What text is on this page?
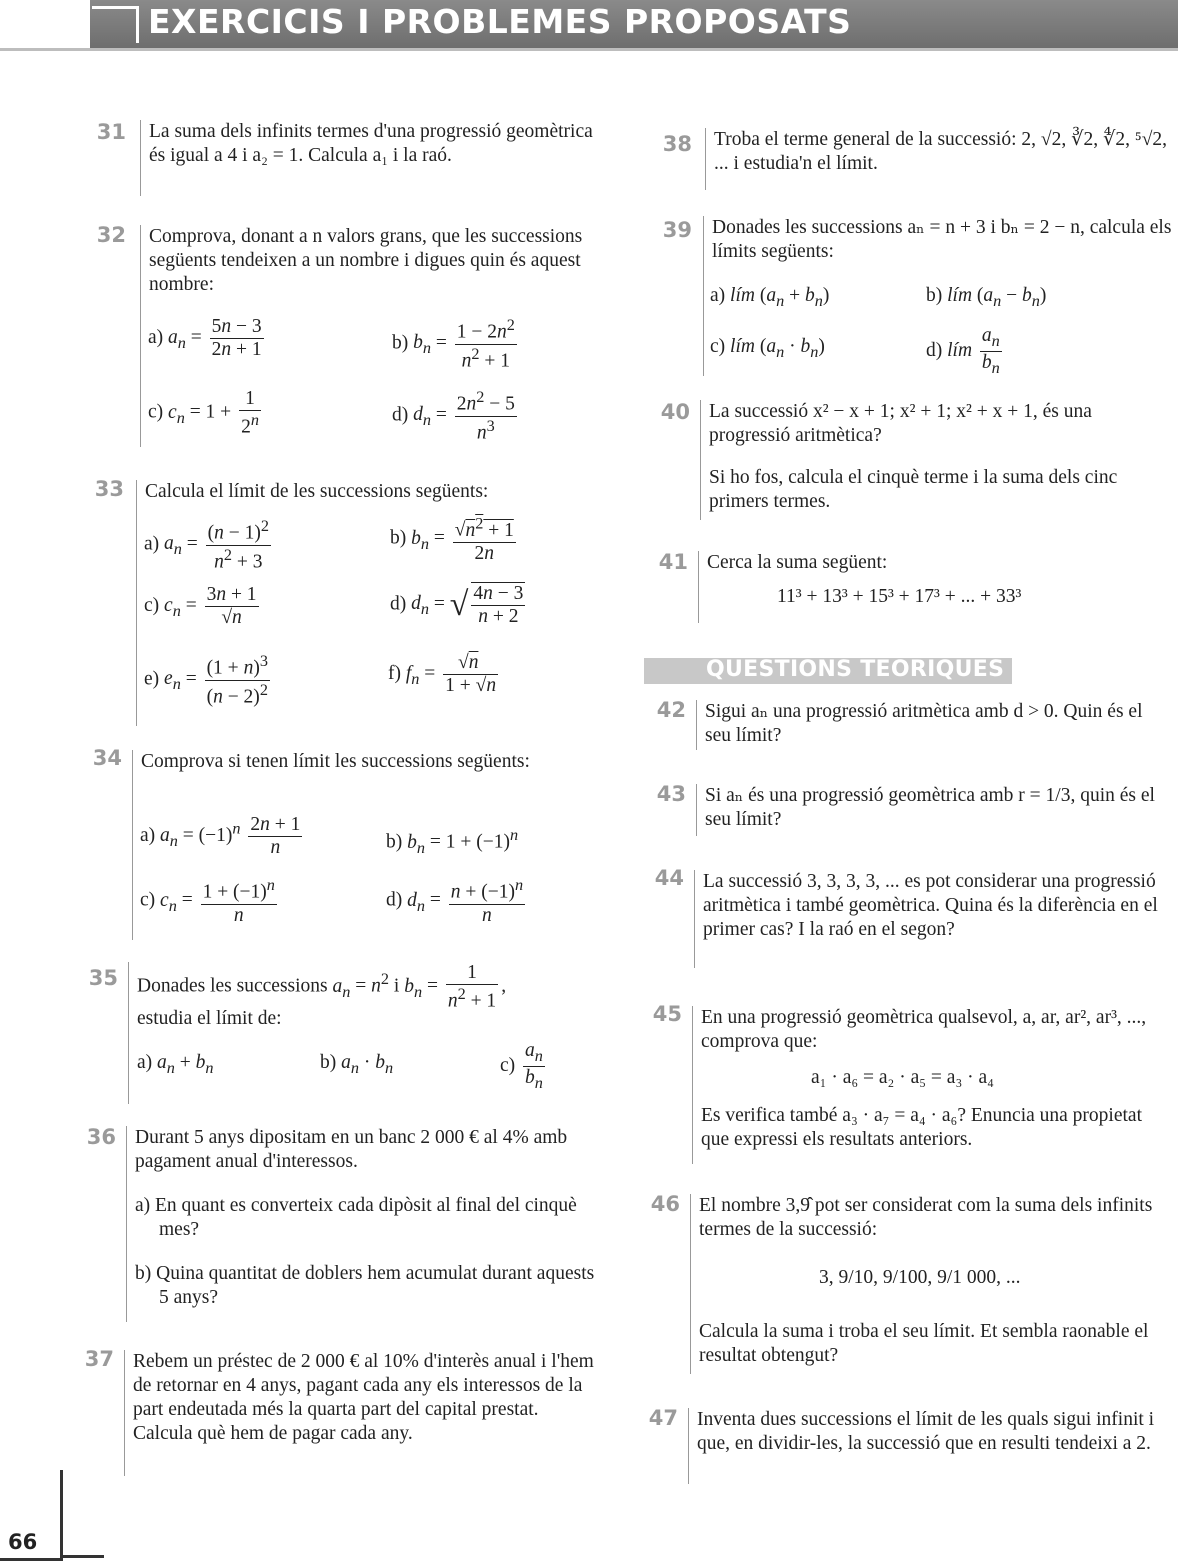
EXERCICIS I PROBLEMES PROPOSATS
31	La suma dels infinits termes d'una progressió geomètrica és igual a 4 i a₂ = 1. Calcula a₁ i la raó.
32	Comprova, donant a n valors grans, que les successions següents tendeixen a un nombre i digues quin és aquest nombre:
a) $a_n = \frac{5n - 3}{2n + 1}$	b) $b_n = \frac{1 - 2n^2}{n^2 + 1}$
c) $c_n = 1 + \frac{1}{2^n}$	d) $d_n = \frac{2n^2 - 5}{n^3}$
33	Calcula el límit de les successions següents:
a) $a_n = \frac{(n - 1)^2}{n^2 + 3}$	b) $b_n = \frac{√n^2 + 1}{2n}$
c) $c_n = \frac{3n + 1}{√n}$	d) $d_n$ = √ $\frac{4n - 3}{n + 2}$
e) $e_n = \frac{(1 + n)^3}{(n - 2)^2}$	f) $f_n = \frac{√n}{1 + √n}$
34 Comprova si tenen límit les successions següents:
a) $a_n = (-1)^n \frac{2n + 1}{n}$	b) $b_n = 1 + (-1)^n$
c) $c_n = \frac{1 + (-1)^n}{n}$	d) $d_n = \frac{n + (-1)^n}{n}$
35 Donades les successions $a_n = n^2$ i $b_n = \frac{1}{n^2 + 1}$ ,
estudia el límit de:
a) $a_n + b_n$	b) $a_n \cdot b_n$	$c) \frac{a_n}{b_n}$
36 Durant 5 anys dipositam en un banc 2 000 € al 4% amb pagament anual d'interessos.
a) En quant es converteix cada dipòsit al final del cinquè mes?
b) Quina quantitat de doblers hem acumulat durant aquests 5 anys?
37 Rebem un préstec de 2 000 € al 10% d'interès anual i l'hem de retornar en 4 anys, pagant cada any els interessos de la part endeutada més la quarta part del capital prestat. Calcula què hem de pagar cada any.
38	Troba el terme general de la successió: 2, √2, ∛2, ∜2, ⁵√2, ... i estudia'n el límit.
39	Donades les successions aₙ = n + 3 i bₙ = 2 − n, calcula els límits següents:
a) lím $(a_n + b_n)$	b) lím $(a_n - b_n)$
c) lím $(a_n \cdot b_n)$	d) lím $\frac{a_n}{b_n}$
40 La successió x² − x + 1; x² + 1; x² + x + 1, és una progressió aritmètica?
Si ho fos, calcula el cinquè terme i la suma dels cinc primers termes.
41 Cerca la suma següent:
11³ + 13³ + 15³ + 17³ + ... + 33³
QÜESTIONS TEÒRIQUES
42 Sigui aₙ una progressió aritmètica amb d > 0. Quin és el seu límit?
43 Si aₙ és una progressió geomètrica amb r = 1/3, quin és el seu límit?
44 La successió 3, 3, 3, 3, ... es pot considerar una progressió aritmètica i també geomètrica. Quina és la diferència en el primer cas? I la raó en el segon?
45 En una progressió geomètrica qualsevol, a, ar, ar², ar³, ..., comprova que:
a₁ · a₆ = a₂ · a₅ = a₃ · a₄
Es verifica també a₃ · a₇ = a₄ · a₆? Enuncia una propietat que expressi els resultats anteriors.
46 El nombre 3,9̂ pot ser considerat com la suma dels infinits termes de la successió:
3, 9/10, 9/100, 9/1 000, ...
Calcula la suma i troba el seu límit. Et sembla raonable el resultat obtengut?
47 Inventa dues successions el límit de les quals sigui infinit i que, en dividir-les, la successió que en resulti tendeixi a 2.
66
